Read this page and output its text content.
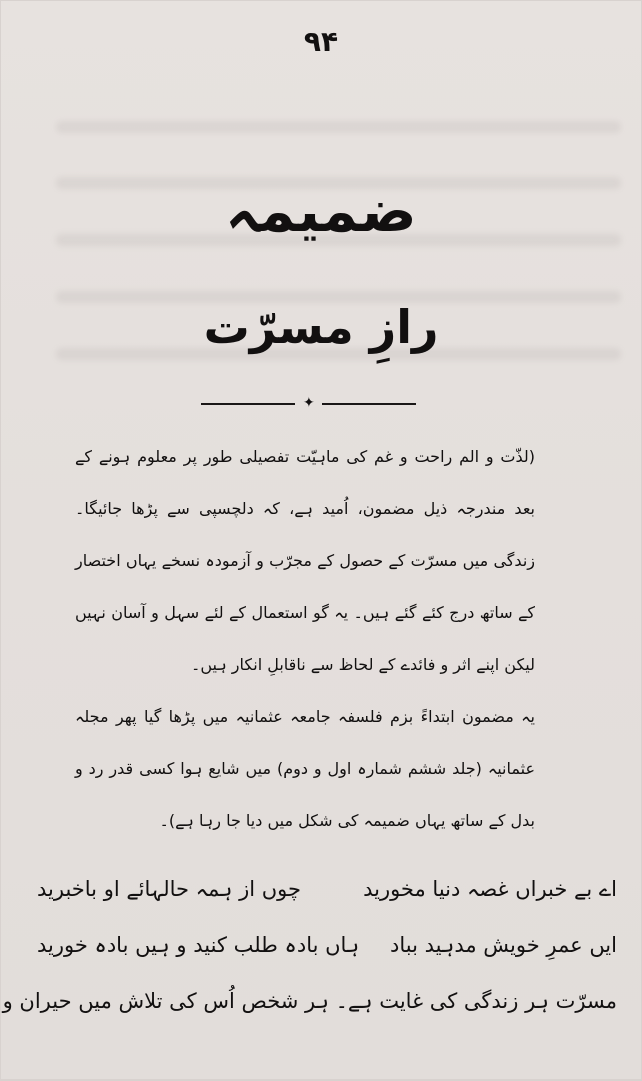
۹۴
ضمیمہ
رازِ مسرّت
✦

(لذّت و الم راحت و غم کی ماہیّت تفصیلی طور پر معلوم ہونے کے بعد مندرجہ ذیل مضمون، اُمید ہے، کہ دلچسپی سے پڑھا جائیگا۔ زندگی میں مسرّت کے حصول کے مجرّب و آزمودہ نسخے یہاں اختصار کے ساتھ درج کئے گئے ہیں۔ یہ گو استعمال کے لئے سہل و آسان نہیں لیکن اپنے اثر و فائدے کے لحاظ سے ناقابلِ انکار ہیں۔

یہ مضمون ابتداءً بزم فلسفہ جامعہ عثمانیہ میں پڑھا گیا پھر مجلہ عثمانیہ (جلد ششم شمارہ اول و دوم) میں شایع ہوا کسی قدر رد و بدل کے ساتھ یہاں ضمیمہ کی شکل میں دیا جا رہا ہے)۔

اے بے خبراں غصہ دنیا مخورید
چوں از ہمہ حالہائے او باخبرید
ایں عمرِ خویش مدہید بباد
ہاں بادہ طلب کنید و ہیں بادہ خورید
مسرّت ہر زندگی کی غایت ہے۔ ہر شخص اُس کی تلاش میں حیران و
